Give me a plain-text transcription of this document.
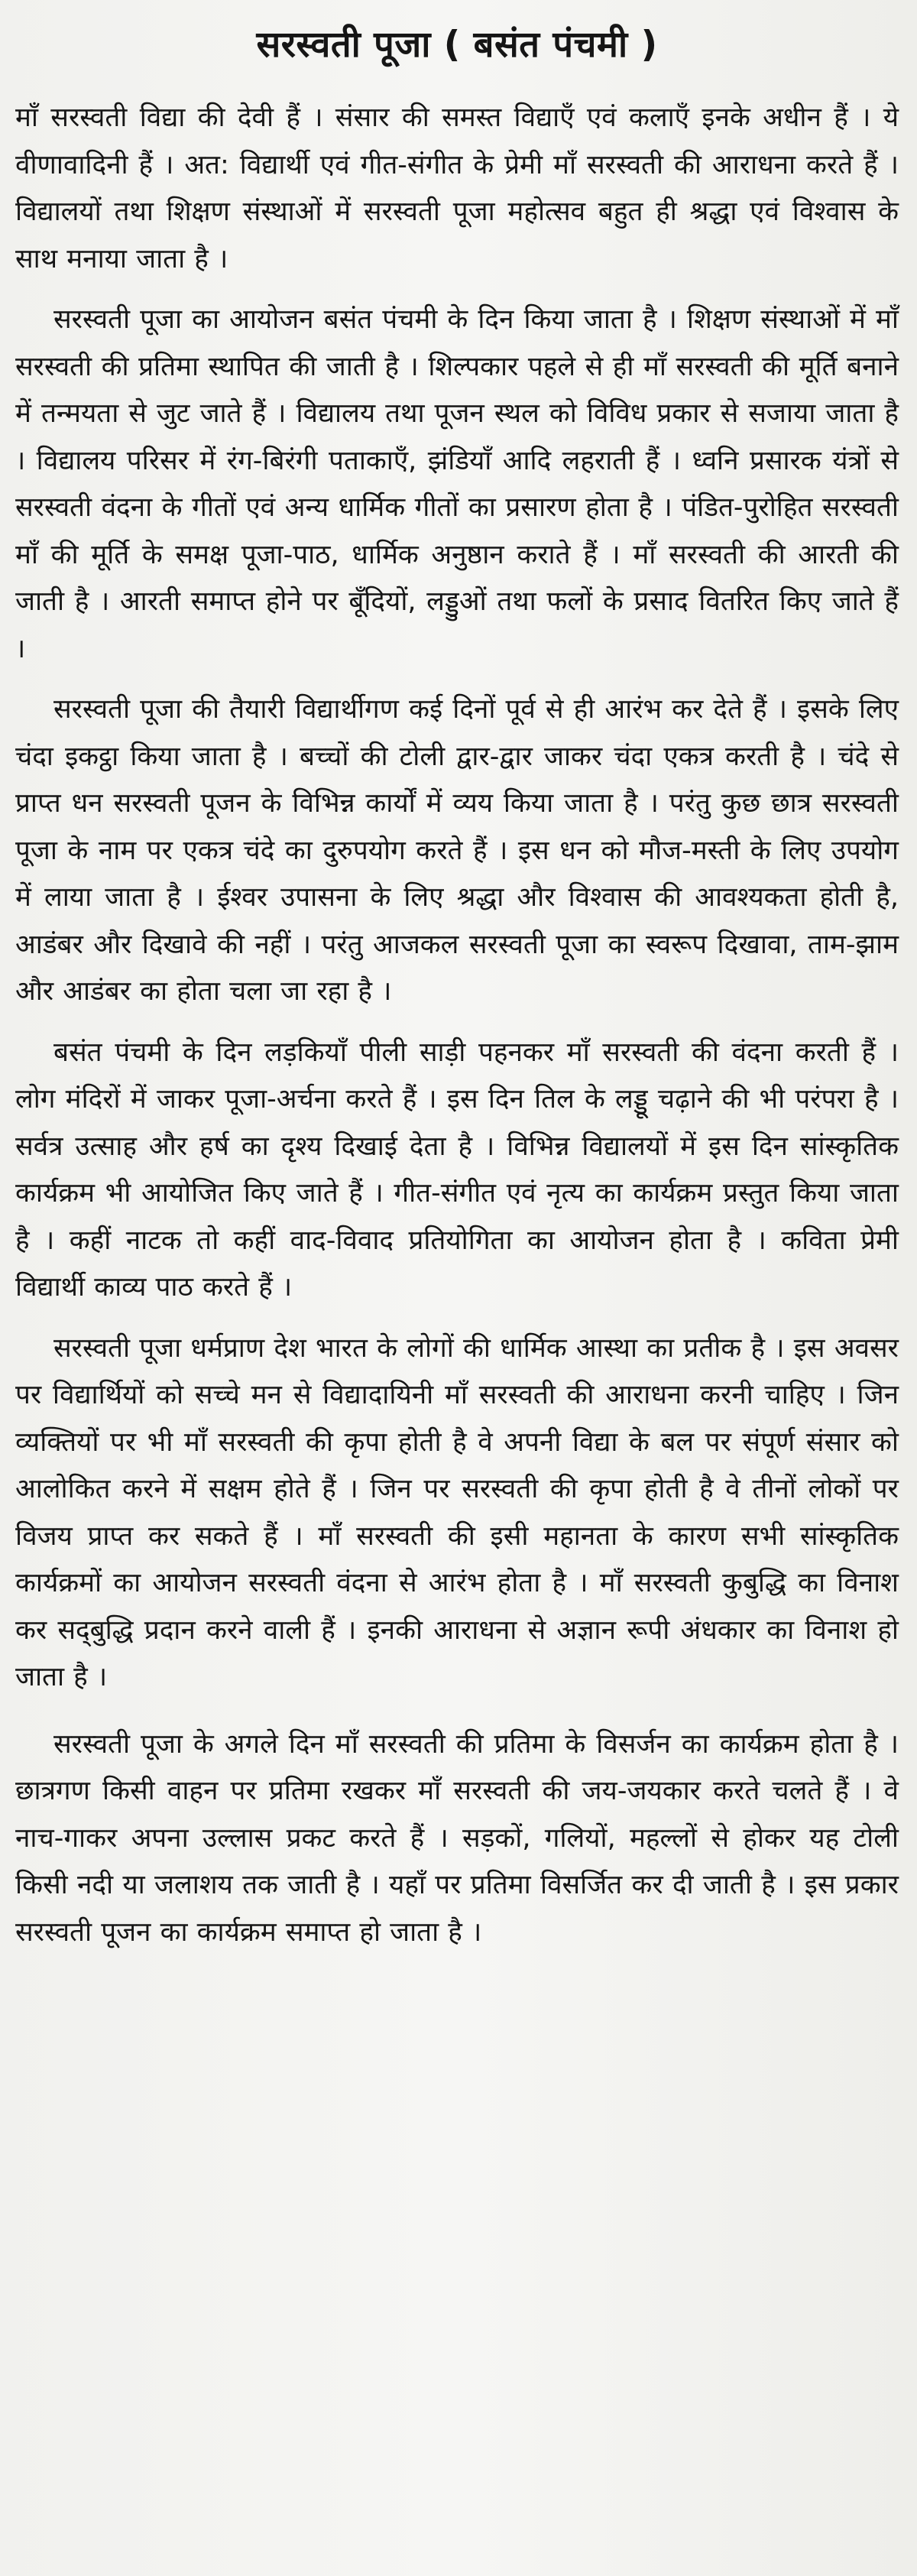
सरस्वती पूजा ( बसंत पंचमी )

माँ सरस्वती विद्या की देवी हैं । संसार की समस्त विद्याएँ एवं कलाएँ इनके अधीन हैं । ये वीणावादिनी हैं । अत: विद्यार्थी एवं गीत-संगीत के प्रेमी माँ सरस्वती की आराधना करते हैं । विद्यालयों तथा शिक्षण संस्थाओं में सरस्वती पूजा महोत्सव बहुत ही श्रद्धा एवं विश्वास के साथ मनाया जाता है ।

सरस्वती पूजा का आयोजन बसंत पंचमी के दिन किया जाता है । शिक्षण संस्थाओं में माँ सरस्वती की प्रतिमा स्थापित की जाती है । शिल्पकार पहले से ही माँ सरस्वती की मूर्ति बनाने में तन्मयता से जुट जाते हैं । विद्यालय तथा पूजन स्थल को विविध प्रकार से सजाया जाता है । विद्यालय परिसर में रंग-बिरंगी पताकाएँ, झंडियाँ आदि लहराती हैं । ध्वनि प्रसारक यंत्रों से सरस्वती वंदना के गीतों एवं अन्य धार्मिक गीतों का प्रसारण होता है । पंडित-पुरोहित सरस्वती माँ की मूर्ति के समक्ष पूजा-पाठ, धार्मिक अनुष्ठान कराते हैं । माँ सरस्वती की आरती की जाती है । आरती समाप्त होने पर बूँदियों, लड्डुओं तथा फलों के प्रसाद वितरित किए जाते हैं ।

सरस्वती पूजा की तैयारी विद्यार्थीगण कई दिनों पूर्व से ही आरंभ कर देते हैं । इसके लिए चंदा इकट्ठा किया जाता है । बच्चों की टोली द्वार-द्वार जाकर चंदा एकत्र करती है । चंदे से प्राप्त धन सरस्वती पूजन के विभिन्न कार्यों में व्यय किया जाता है । परंतु कुछ छात्र सरस्वती पूजा के नाम पर एकत्र चंदे का दुरुपयोग करते हैं । इस धन को मौज-मस्ती के लिए उपयोग में लाया जाता है । ईश्वर उपासना के लिए श्रद्धा और विश्वास की आवश्यकता होती है, आडंबर और दिखावे की नहीं । परंतु आजकल सरस्वती पूजा का स्वरूप दिखावा, ताम-झाम और आडंबर का होता चला जा रहा है ।

बसंत पंचमी के दिन लड़कियाँ पीली साड़ी पहनकर माँ सरस्वती की वंदना करती हैं । लोग मंदिरों में जाकर पूजा-अर्चना करते हैं । इस दिन तिल के लड्डू चढ़ाने की भी परंपरा है । सर्वत्र उत्साह और हर्ष का दृश्य दिखाई देता है । विभिन्न विद्यालयों में इस दिन सांस्कृतिक कार्यक्रम भी आयोजित किए जाते हैं । गीत-संगीत एवं नृत्य का कार्यक्रम प्रस्तुत किया जाता है । कहीं नाटक तो कहीं वाद-विवाद प्रतियोगिता का आयोजन होता है । कविता प्रेमी विद्यार्थी काव्य पाठ करते हैं ।

सरस्वती पूजा धर्मप्राण देश भारत के लोगों की धार्मिक आस्था का प्रतीक है । इस अवसर पर विद्यार्थियों को सच्चे मन से विद्यादायिनी माँ सरस्वती की आराधना करनी चाहिए । जिन व्यक्तियों पर भी माँ सरस्वती की कृपा होती है वे अपनी विद्या के बल पर संपूर्ण संसार को आलोकित करने में सक्षम होते हैं । जिन पर सरस्वती की कृपा होती है वे तीनों लोकों पर विजय प्राप्त कर सकते हैं । माँ सरस्वती की इसी महानता के कारण सभी सांस्कृतिक कार्यक्रमों का आयोजन सरस्वती वंदना से आरंभ होता है । माँ सरस्वती कुबुद्धि का विनाश कर सद्‌बुद्धि प्रदान करने वाली हैं । इनकी आराधना से अज्ञान रूपी अंधकार का विनाश हो जाता है ।

सरस्वती पूजा के अगले दिन माँ सरस्वती की प्रतिमा के विसर्जन का कार्यक्रम होता है । छात्रगण किसी वाहन पर प्रतिमा रखकर माँ सरस्वती की जय-जयकार करते चलते हैं । वे नाच-गाकर अपना उल्लास प्रकट करते हैं । सड़कों, गलियों, महल्लों से होकर यह टोली किसी नदी या जलाशय तक जाती है । यहाँ पर प्रतिमा विसर्जित कर दी जाती है । इस प्रकार सरस्वती पूजन का कार्यक्रम समाप्त हो जाता है ।
